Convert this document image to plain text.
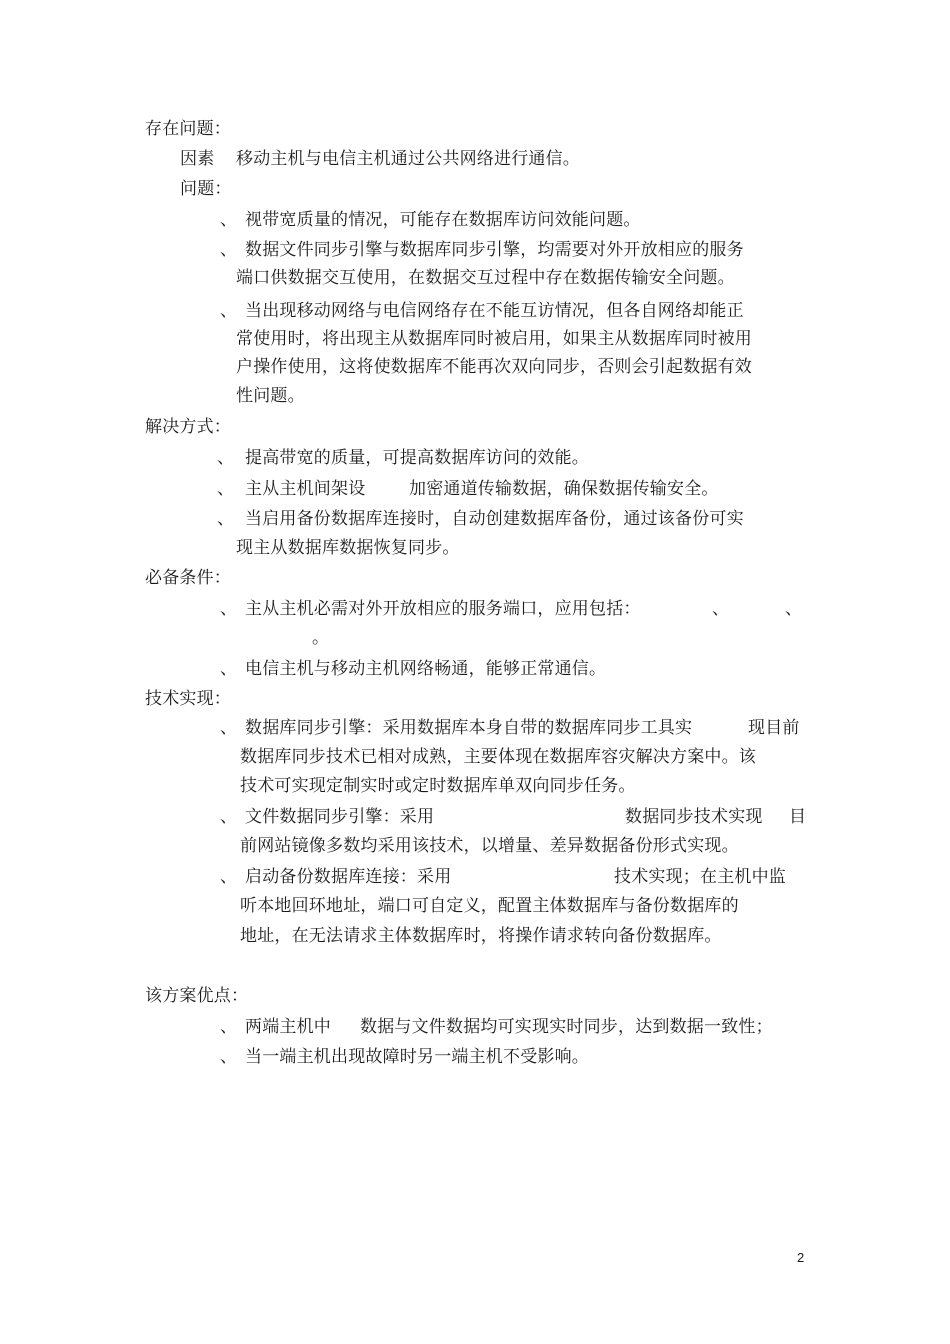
存在问题：
因素 移动主机与电信主机通过公共网络进行通信。
问题：
、 视带宽质量的情况，可能存在数据库访问效能问题。
、 数据文件同步引擎与数据库同步引擎，均需要对外开放相应的服务
端口供数据交互使用，在数据交互过程中存在数据传输安全问题。
、 当出现移动网络与电信网络存在不能互访情况，但各自网络却能正
常使用时，将出现主从数据库同时被启用，如果主从数据库同时被用
户操作使用，这将使数据库不能再次双向同步，否则会引起数据有效
性问题。
解决方式：
、 提高带宽的质量，可提高数据库访问的效能。
、 主从主机间架设	加密通道传输数据，确保数据传输安全。
、 当启用备份数据库连接时，自动创建数据库备份，通过该备份可实
现主从数据库数据恢复同步。
必备条件：
、 主从主机必需对外开放相应的服务端口，应用包括：	、	、
。
、 电信主机与移动主机网络畅通，能够正常通信。
技术实现：
、 数据库同步引擎：采用数据库本身自带的数据库同步工具实	现目前
数据库同步技术已相对成熟，主要体现在数据库容灾解决方案中。该
技术可实现定制实时或定时数据库单双向同步任务。
、 文件数据同步引擎：采用	数据同步技术实现 目
前网站镜像多数均采用该技术，以增量、差异数据备份形式实现。
、 启动备份数据库连接：采用	技术实现；在主机中监
听本地回环地址，端口可自定义，配置主体数据库与备份数据库的
地址，在无法请求主体数据库时，将操作请求转向备份数据库。
该方案优点：
、 两端主机中 数据与文件数据均可实现实时同步，达到数据一致性；
、 当一端主机出现故障时另一端主机不受影响。
2
